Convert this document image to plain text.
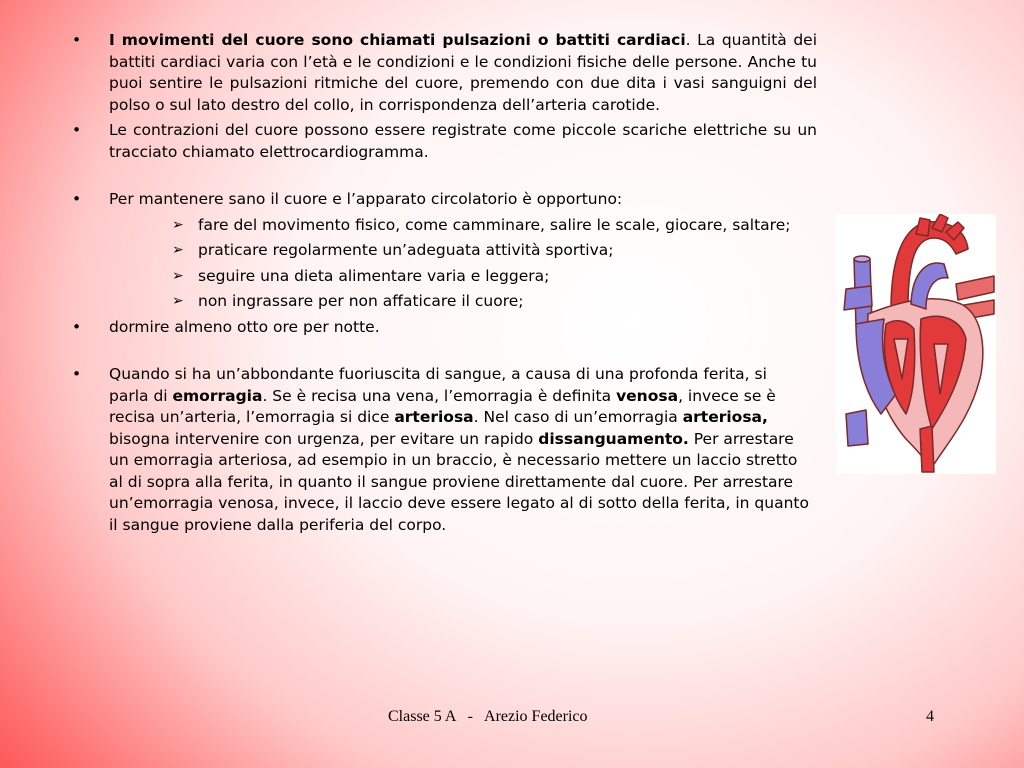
• I movimenti del cuore sono chiamati pulsazioni o battiti cardiaci. La quantità dei battiti cardiaci varia con l’età e le condizioni e le condizioni fisiche delle persone. Anche tu puoi sentire le pulsazioni ritmiche del cuore, premendo con due dita i vasi sanguigni del polso o sul lato destro del collo, in corrispondenza dell’arteria carotide.
• Le contrazioni del cuore possono essere registrate come piccole scariche elettriche su un tracciato chiamato elettrocardiogramma.
• Per mantenere sano il cuore e l’apparato circolatorio è opportuno:
➢ fare del movimento fisico, come camminare, salire le scale, giocare, saltare;
➢ praticare regolarmente un’adeguata attività sportiva;
➢ seguire una dieta alimentare varia e leggera;
➢ non ingrassare per non affaticare il cuore;
• dormire almeno otto ore per notte.
• Quando si ha un’abbondante fuoriuscita di sangue, a causa di una profonda ferita, si parla di emorragia. Se è recisa una vena, l’emorragia è definita venosa, invece se è recisa un’arteria, l’emorragia si dice arteriosa. Nel caso di un’emorragia arteriosa, bisogna intervenire con urgenza, per evitare un rapido dissanguamento. Per arrestare un emorragia arteriosa, ad esempio in un braccio, è necessario mettere un laccio stretto al di sopra alla ferita, in quanto il sangue proviene direttamente dal cuore. Per arrestare un’emorragia venosa, invece, il laccio deve essere legato al di sotto della ferita, in quanto il sangue proviene dalla periferia del corpo.
Classe 5 A   -   Arezio Federico	4
